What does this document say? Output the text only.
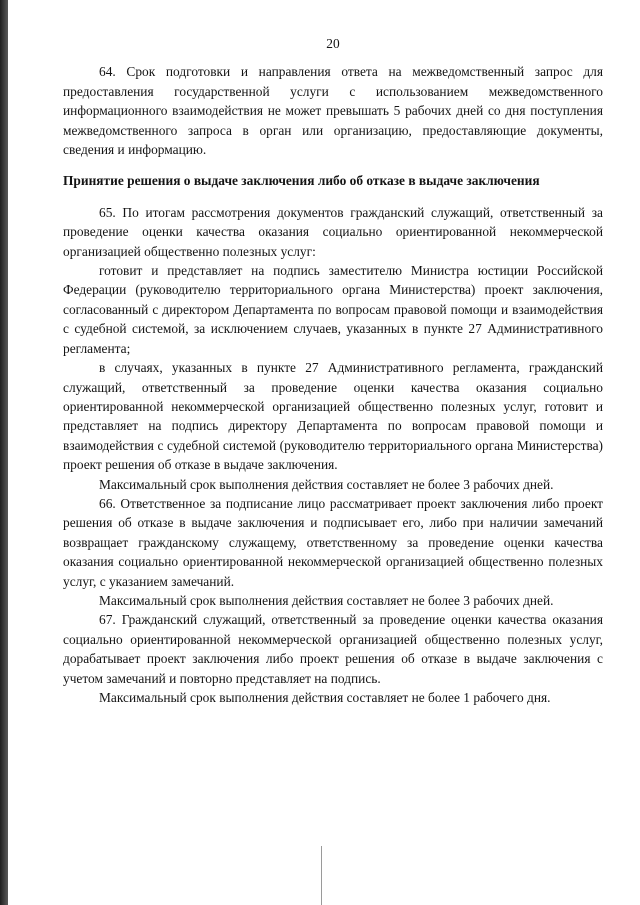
20

64. Срок подготовки и направления ответа на межведомственный запрос для предоставления государственной услуги с использованием межведомственного информационного взаимодействия не может превышать 5 рабочих дней со дня поступления межведомственного запроса в орган или организацию, предоставляющие документы, сведения и информацию.

Принятие решения о выдаче заключения либо об отказе в выдаче заключения

65. По итогам рассмотрения документов гражданский служащий, ответственный за проведение оценки качества оказания социально ориентированной некоммерческой организацией общественно полезных услуг:

готовит и представляет на подпись заместителю Министра юстиции Российской Федерации (руководителю территориального органа Министерства) проект заключения, согласованный с директором Департамента по вопросам правовой помощи и взаимодействия с судебной системой, за исключением случаев, указанных в пункте 27 Административного регламента;

в случаях, указанных в пункте 27 Административного регламента, гражданский служащий, ответственный за проведение оценки качества оказания социально ориентированной некоммерческой организацией общественно полезных услуг, готовит и представляет на подпись директору Департамента по вопросам правовой помощи и взаимодействия с судебной системой (руководителю территориального органа Министерства) проект решения об отказе в выдаче заключения.

Максимальный срок выполнения действия составляет не более 3 рабочих дней.

66. Ответственное за подписание лицо рассматривает проект заключения либо проект решения об отказе в выдаче заключения и подписывает его, либо при наличии замечаний возвращает гражданскому служащему, ответственному за проведение оценки качества оказания социально ориентированной некоммерческой организацией общественно полезных услуг, с указанием замечаний.

Максимальный срок выполнения действия составляет не более 3 рабочих дней.

67. Гражданский служащий, ответственный за проведение оценки качества оказания социально ориентированной некоммерческой организацией общественно полезных услуг, дорабатывает проект заключения либо проект решения об отказе в выдаче заключения с учетом замечаний и повторно представляет на подпись.

Максимальный срок выполнения действия составляет не более 1 рабочего дня.
